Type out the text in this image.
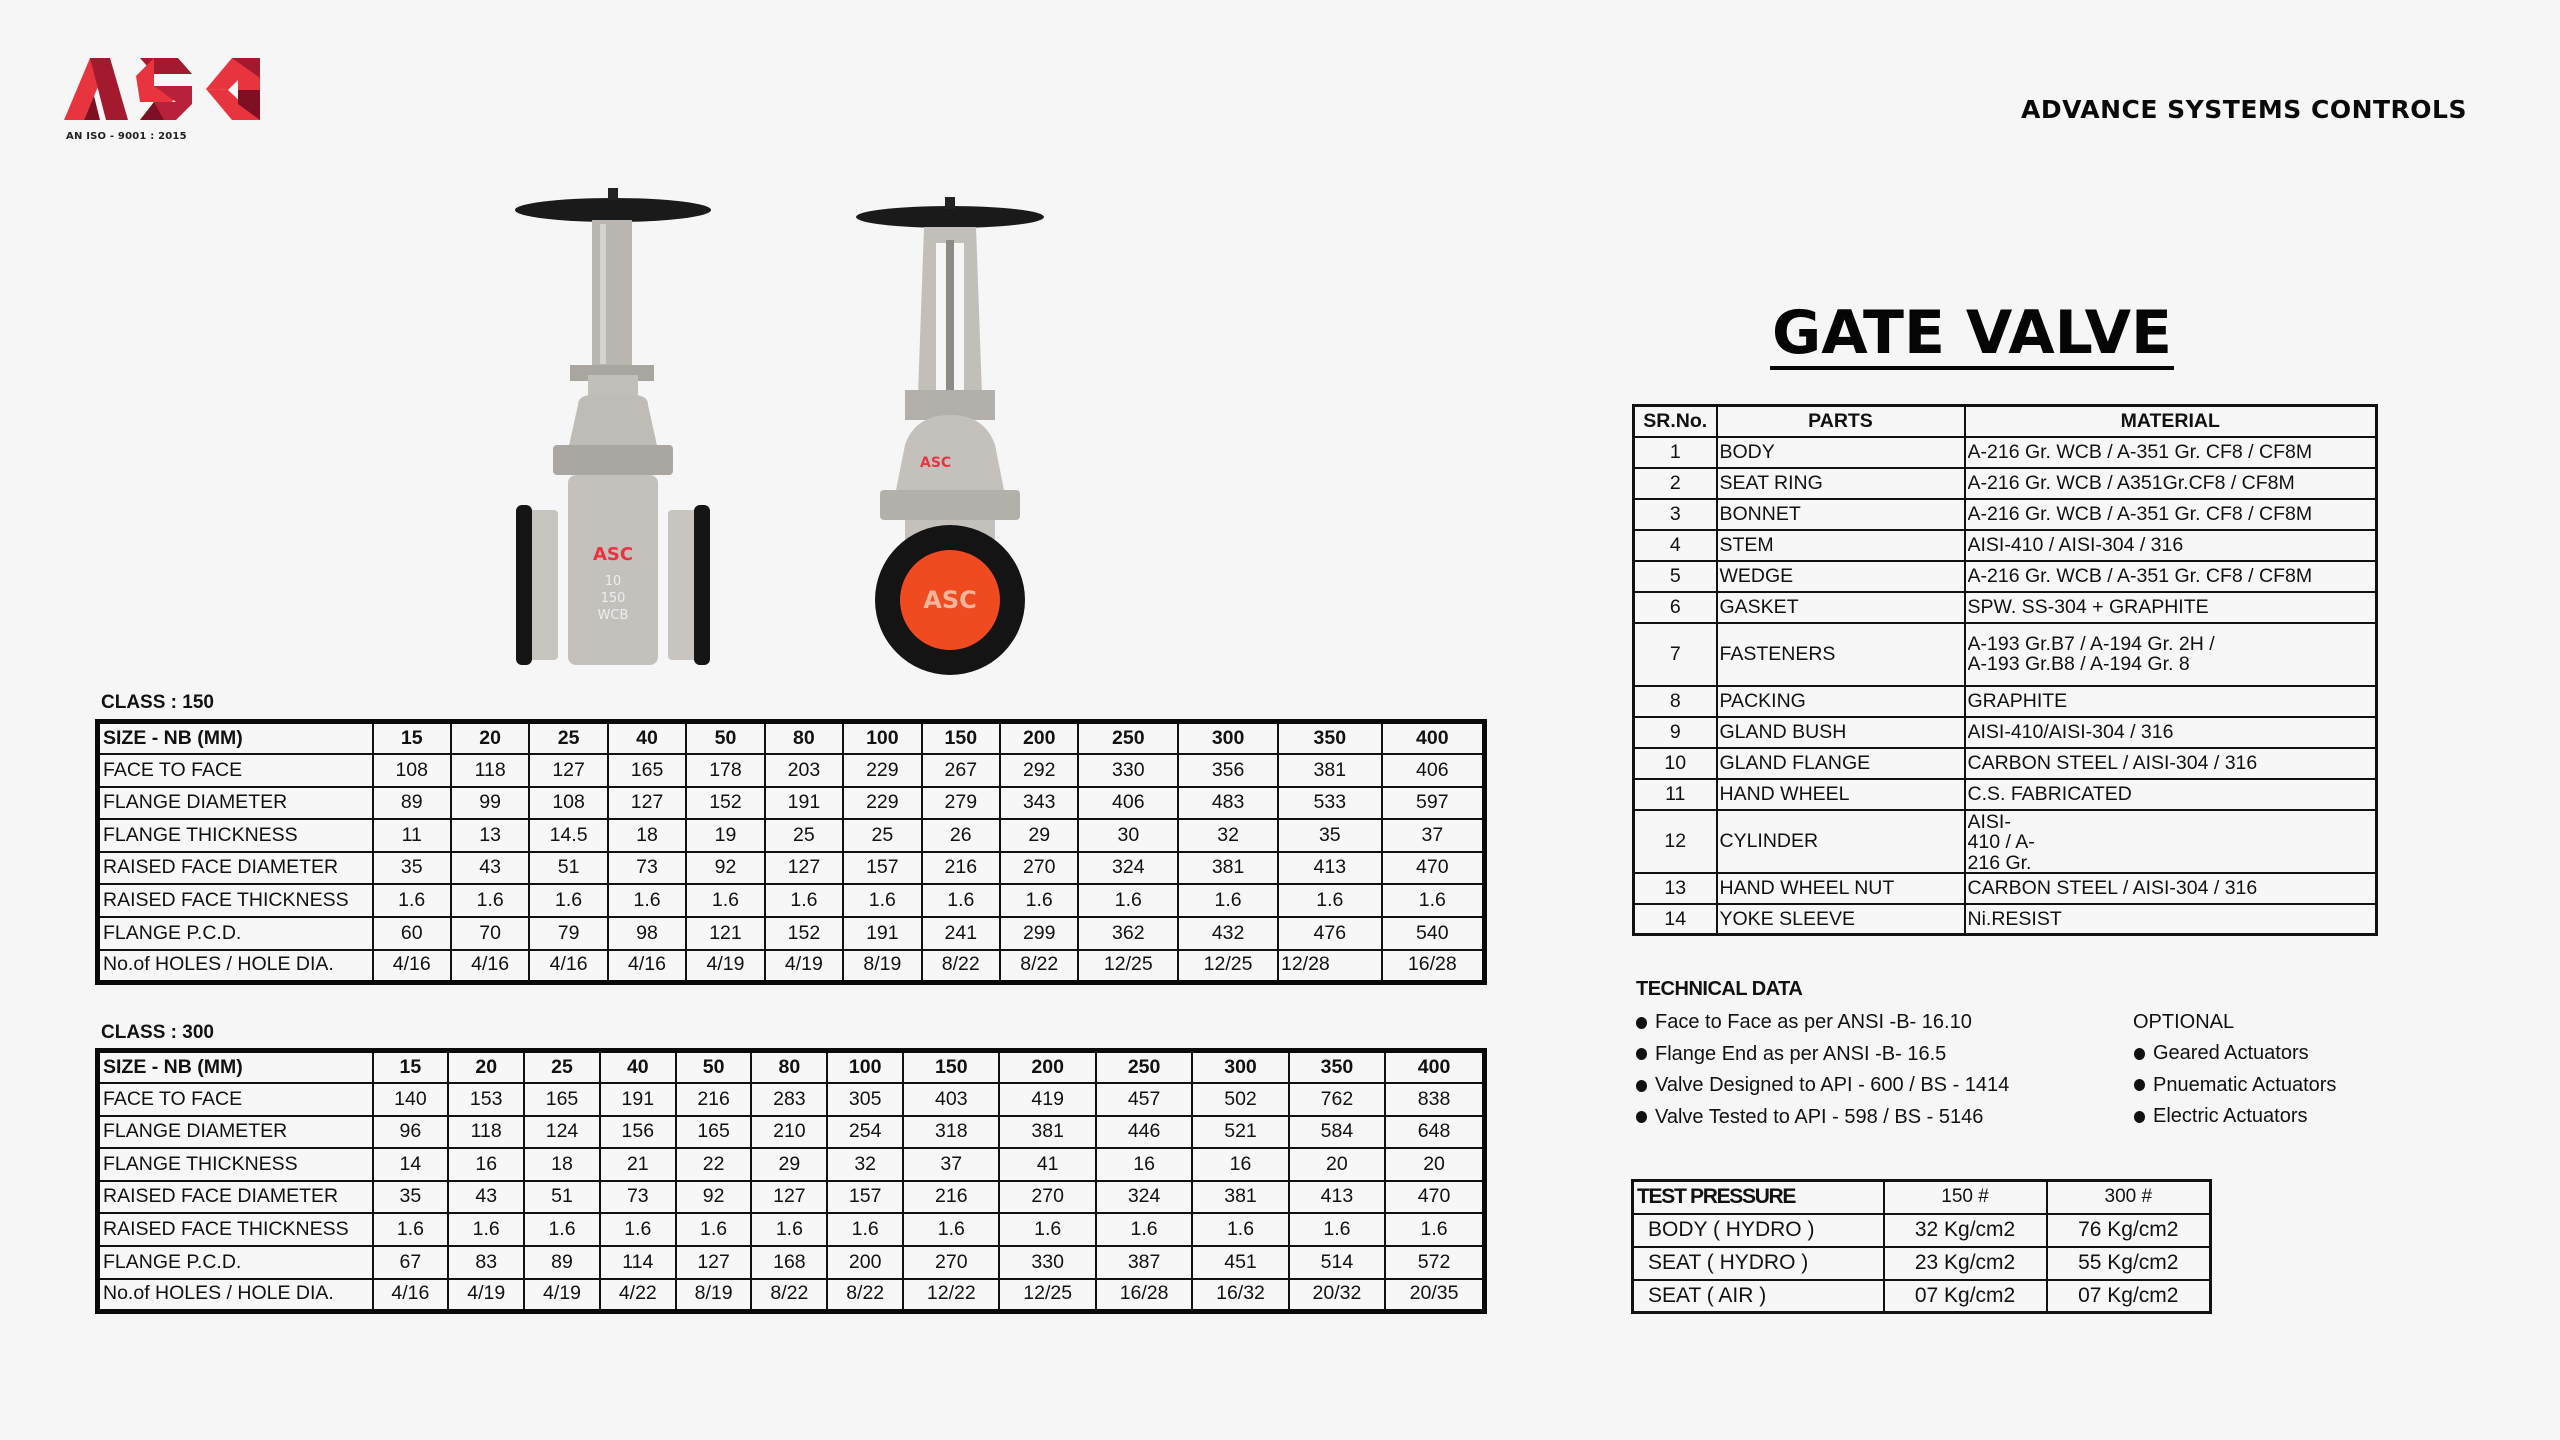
AN ISO - 9001 : 2015
ADVANCE SYSTEMS CONTROLS
GATE VALVE
ASC
10
150
WCB
ASC
ASC
CLASS : 150
SIZE - NB (MM)	15	20	25	40	50	80	100	150	200	250	300	350	400
FACE TO FACE	108	118	127	165	178	203	229	267	292	330	356	381	406
FLANGE DIAMETER	89	99	108	127	152	191	229	279	343	406	483	533	597
FLANGE THICKNESS	11	13	14.5	18	19	25	25	26	29	30	32	35	37
RAISED FACE DIAMETER	35	43	51	73	92	127	157	216	270	324	381	413	470
RAISED FACE THICKNESS	1.6	1.6	1.6	1.6	1.6	1.6	1.6	1.6	1.6	1.6	1.6	1.6	1.6
FLANGE P.C.D.	60	70	79	98	121	152	191	241	299	362	432	476	540
No.of HOLES / HOLE DIA.	4/16	4/16	4/16	4/16	4/19	4/19	8/19	8/22	8/22	12/25	12/25	12/28	16/28
CLASS : 300
SIZE - NB (MM)	15	20	25	40	50	80	100	150	200	250	300	350	400
FACE TO FACE	140	153	165	191	216	283	305	403	419	457	502	762	838
FLANGE DIAMETER	96	118	124	156	165	210	254	318	381	446	521	584	648
FLANGE THICKNESS	14	16	18	21	22	29	32	37	41	16	16	20	20
RAISED FACE DIAMETER	35	43	51	73	92	127	157	216	270	324	381	413	470
RAISED FACE THICKNESS	1.6	1.6	1.6	1.6	1.6	1.6	1.6	1.6	1.6	1.6	1.6	1.6	1.6
FLANGE P.C.D.	67	83	89	114	127	168	200	270	330	387	451	514	572
No.of HOLES / HOLE DIA.	4/16	4/19	4/19	4/22	8/19	8/22	8/22	12/22	12/25	16/28	16/32	20/32	20/35
SR.No.	PARTS	MATERIAL
1	BODY	A-216 Gr. WCB / A-351 Gr. CF8 / CF8M

2	SEAT RING	A-216 Gr. WCB / A351Gr.CF8 / CF8M

3	BONNET	A-216 Gr. WCB / A-351 Gr. CF8 / CF8M

4	STEM	AISI-410 / AISI-304 / 316

5	WEDGE	A-216 Gr. WCB / A-351 Gr. CF8 / CF8M

6	GASKET	SPW. SS-304 + GRAPHITE

7	FASTENERS	A-193 Gr.B7 / A-194 Gr. 2H /
A-193 Gr.B8 / A-194 Gr. 8

8	PACKING	GRAPHITE

9	GLAND BUSH	AISI-410/AISI-304 / 316

10	GLAND FLANGE	CARBON STEEL / AISI-304 / 316

11	HAND WHEEL	C.S. FABRICATED

12	CYLINDER	AISI-
410 / A-
216 Gr.

13	HAND WHEEL NUT	CARBON STEEL / AISI-304 / 316

14	YOKE SLEEVE	Ni.RESIST
TECHNICAL DATA
Face to Face as per ANSI -B- 16.10
Flange End as per ANSI -B- 16.5
Valve Designed to API - 600 / BS - 1414
Valve Tested to API - 598 / BS - 5146
OPTIONAL
Geared Actuators
Pnuematic Actuators
Electric Actuators
TEST PRESSURE	150 #	300 #
BODY ( HYDRO )	32 Kg/cm2	76 Kg/cm2
SEAT ( HYDRO )	23 Kg/cm2	55 Kg/cm2
SEAT ( AIR )	07 Kg/cm2	07 Kg/cm2
